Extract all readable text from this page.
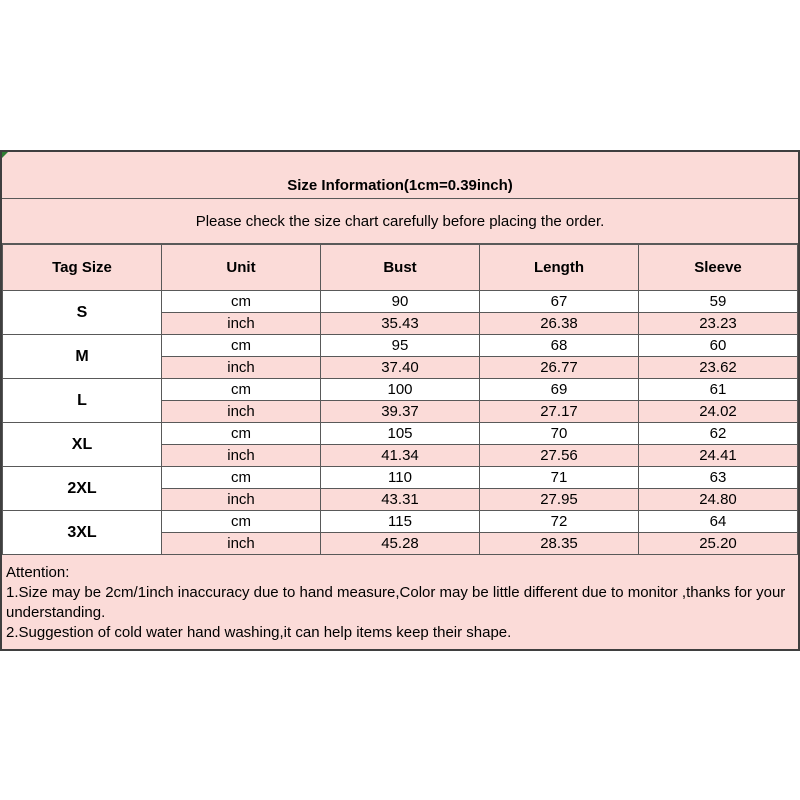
Size Information(1cm=0.39inch)
Please check the size chart carefully before placing the order.
Tag Size	Unit	Bust	Length	Sleeve
S	cm	90	67	59
	inch	35.43	26.38	23.23
M	cm	95	68	60
	inch	37.40	26.77	23.62
L	cm	100	69	61
	inch	39.37	27.17	24.02
XL	cm	105	70	62
	inch	41.34	27.56	24.41
2XL	cm	110	71	63
	inch	43.31	27.95	24.80
3XL	cm	115	72	64
	inch	45.28	28.35	25.20
Attention:
1.Size may be 2cm/1inch inaccuracy due to hand measure,Color may be little different due to monitor ,thanks for your understanding.
2.Suggestion of cold water hand washing,it can help items keep their shape.
